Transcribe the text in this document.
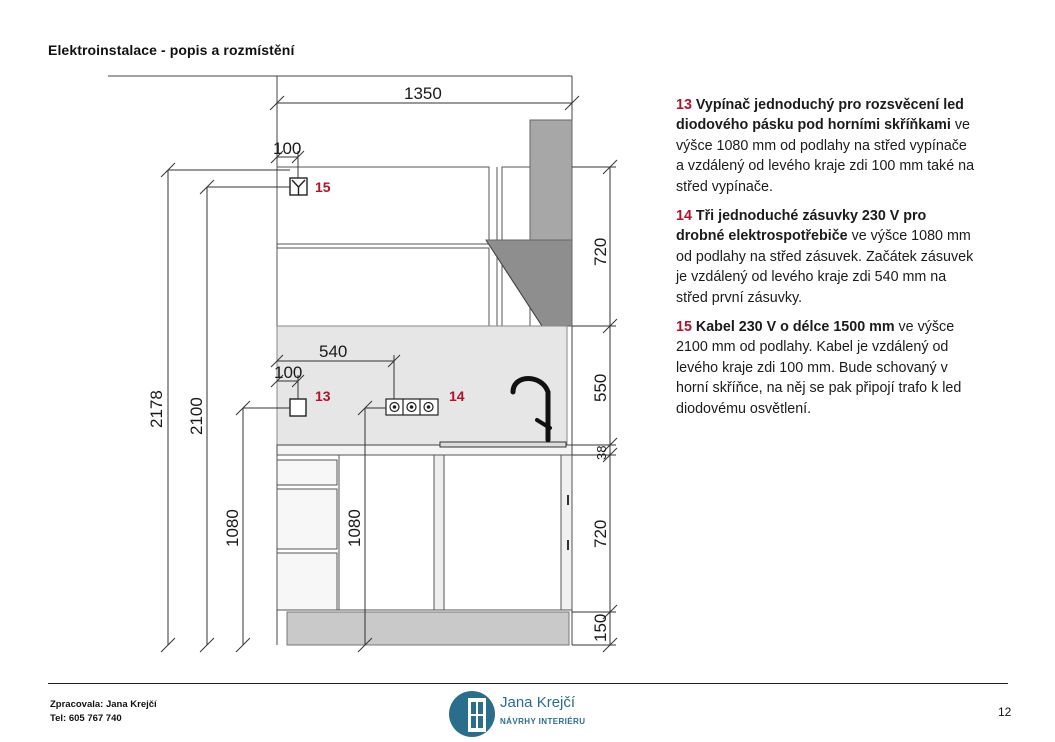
Elektroinstalace - popis a rozmístění
15
13	14
1350
100
540
100
2178 2100
1080	1080
720
550
38
720
150

13 Vypínač jednoduchý pro rozsvěcení led diodového pásku pod horními skříňkami ve výšce 1080 mm od podlahy na střed vypínače a vzdálený od levého kraje zdi 100 mm také na střed vypínače.

14 Tři jednoduché zásuvky 230 V pro drobné elektrospotřebiče ve výšce 1080 mm od podlahy na střed zásuvek. Začátek zásuvek je vzdálený od levého kraje zdi 540 mm na střed první zásuvky.

15 Kabel 230 V o délce 1500 mm ve výšce 2100 mm od podlahy. Kabel je vzdálený od levého kraje zdi 100 mm. Bude schovaný v horní skříňce, na něj se pak připojí trafo k led diodovému osvětlení.

Zpracovala: Jana Krejčí
Tel: 605 767 740
Jana Krejčí
NÁVRHY INTERIÉRU
12
